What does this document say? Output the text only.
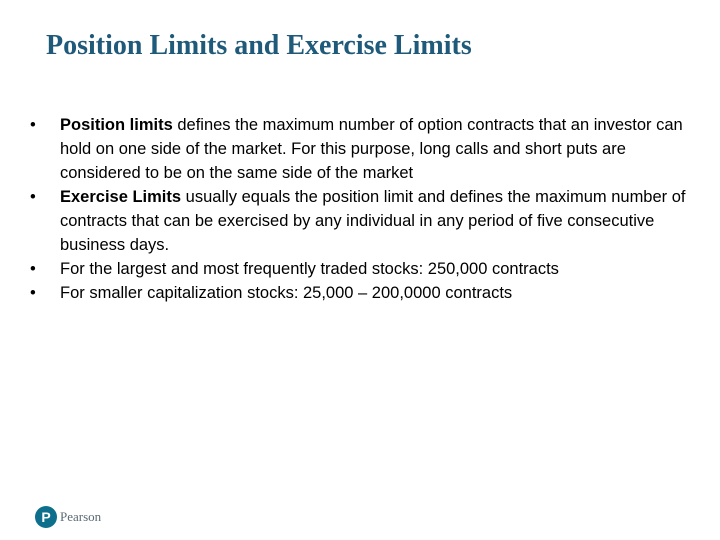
Position Limits and Exercise Limits
•	Position limits defines the maximum number of option contracts that an investor can hold on one side of the market. For this purpose, long calls and short puts are considered to be on the same side of the market
•	Exercise Limits usually equals the position limit and defines the maximum number of contracts that can be exercised by any individual in any period of five consecutive business days.
•	For the largest and most frequently traded stocks: 250,000 contracts
•	For smaller capitalization stocks: 25,000 – 200,0000 contracts
P Pearson
